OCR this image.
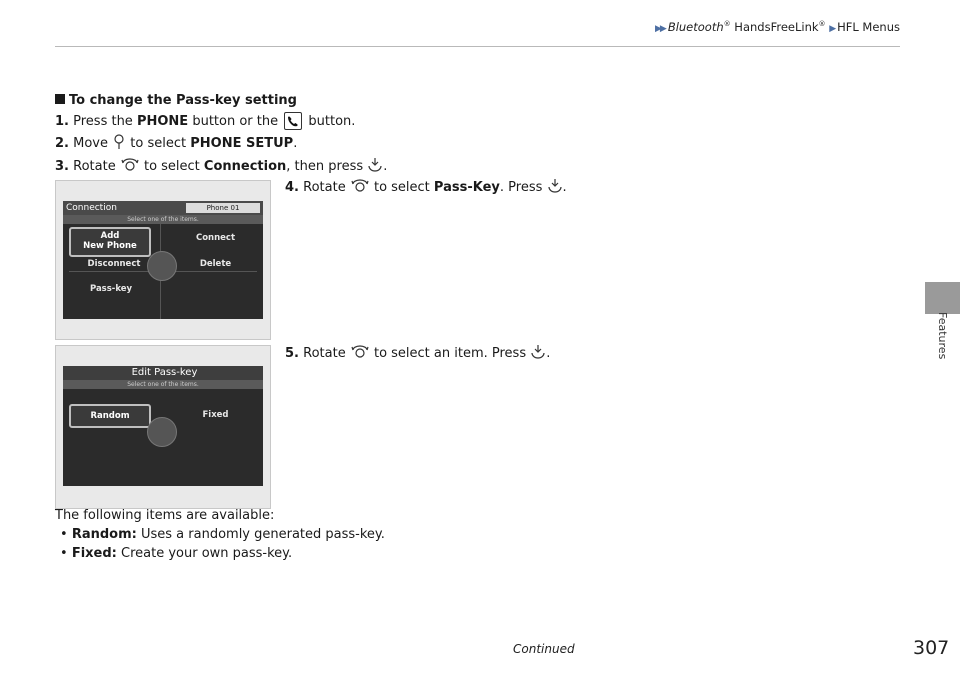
▶▶ Bluetooth® HandsFreeLink® ▶ HFL Menus
Features
To change the Pass-key setting
1. Press the PHONE button or the button.
2. Move to select PHONE SETUP.
3. Rotate to select Connection, then press .
4. Rotate to select Pass-Key. Press .
Connection	Phone 01
Select one of the items.
Add
New Phone
Connect
Disconnect	Delete
Pass-key
5. Rotate to select an item. Press .
Edit Pass-key
Select one of the items.
Random	Fixed
The following items are available:
• Random: Uses a randomly generated pass-key.
• Fixed: Create your own pass-key.
Continued	307
